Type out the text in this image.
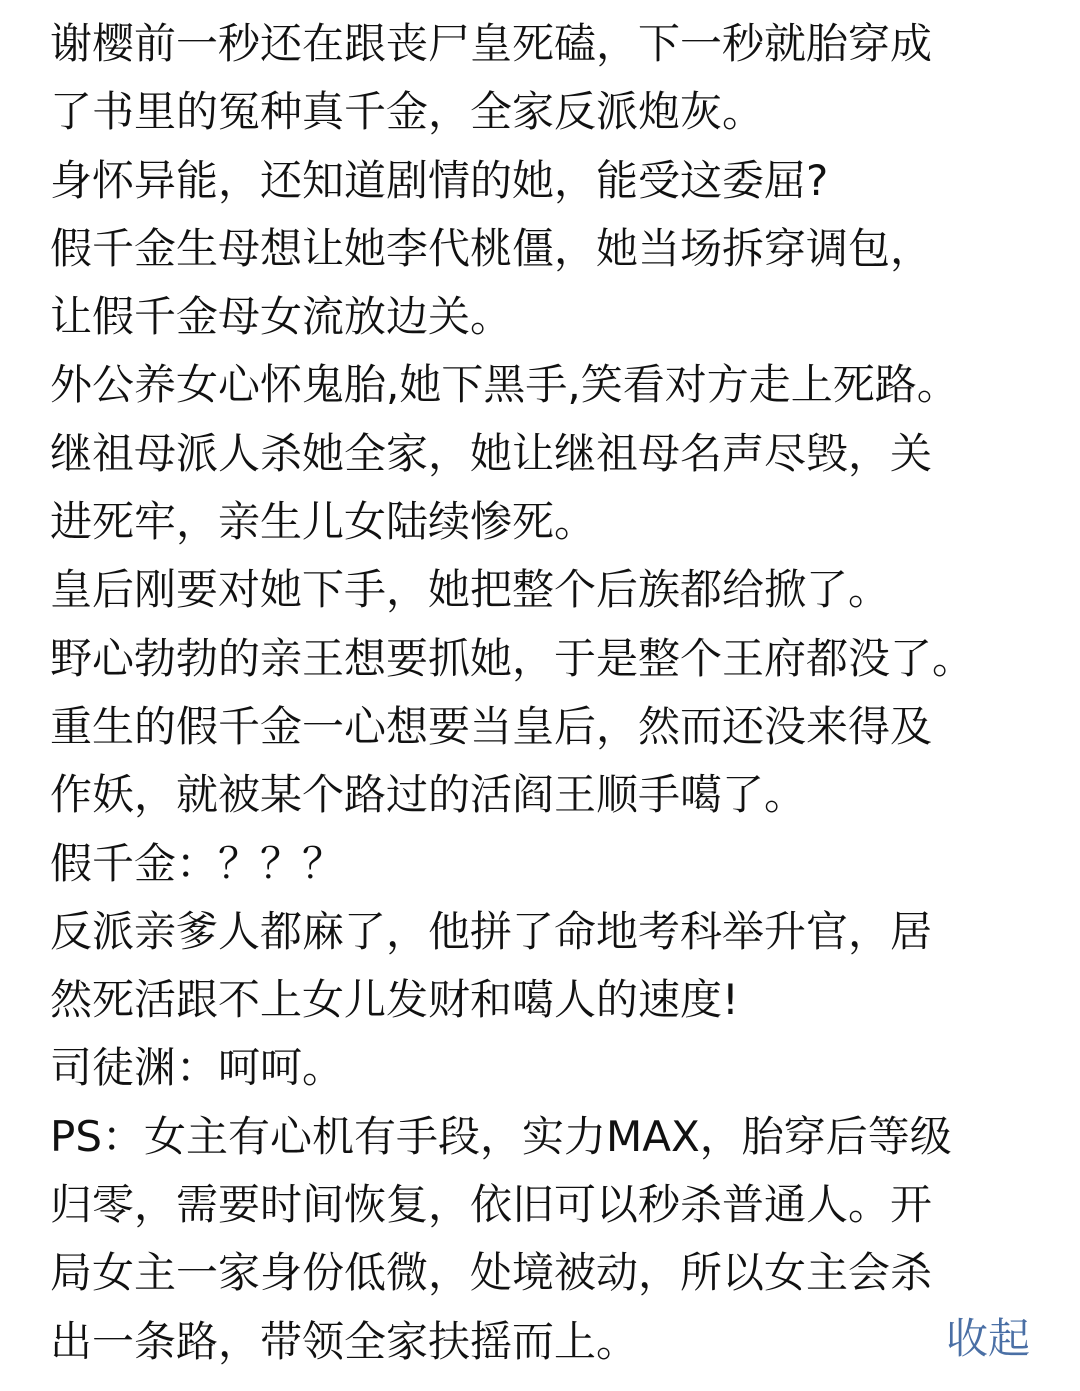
谢樱前一秒还在跟丧尸皇死磕，下一秒就胎穿成
了书里的冤种真千金，全家反派炮灰。
身怀异能，还知道剧情的她，能受这委屈?
假千金生母想让她李代桃僵，她当场拆穿调包，
让假千金母女流放边关。
外公养女心怀鬼胎,她下黑手,笑看对方走上死路。
继祖母派人杀她全家，她让继祖母名声尽毁，关
进死牢，亲生儿女陆续惨死。
皇后刚要对她下手，她把整个后族都给掀了。
野心勃勃的亲王想要抓她，于是整个王府都没了。
重生的假千金一心想要当皇后，然而还没来得及
作妖，就被某个路过的活阎王顺手噶了。
假千金：？？？
反派亲爹人都麻了，他拼了命地考科举升官，居
然死活跟不上女儿发财和噶人的速度!
司徒渊：呵呵。
PS：女主有心机有手段，实力MAX，胎穿后等级
归零，需要时间恢复，依旧可以秒杀普通人。开
局女主一家身份低微，处境被动，所以女主会杀
出一条路，带领全家扶摇而上。	收起
